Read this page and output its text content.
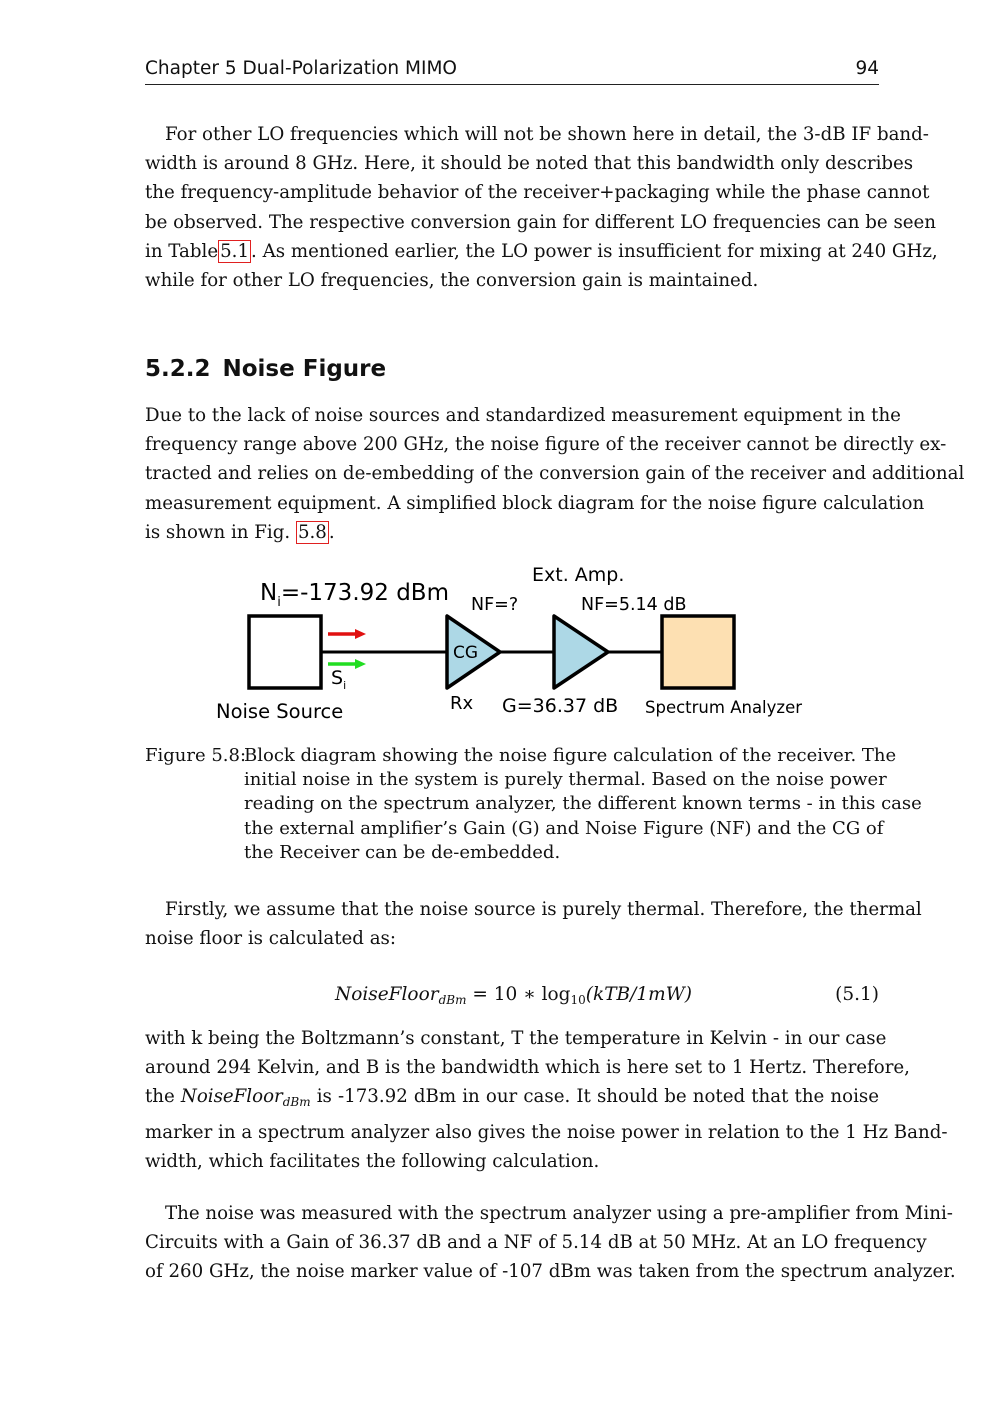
Chapter 5 Dual-Polarization MIMO	94

For other LO frequencies which will not be shown here in detail, the 3-dB IF band-
width is around 8 GHz. Here, it should be noted that this bandwidth only describes
the frequency-amplitude behavior of the receiver+packaging while the phase cannot
be observed. The respective conversion gain for different LO frequencies can be seen
in Table 5.1 . As mentioned earlier, the LO power is insufficient for mixing at 240 GHz,
while for other LO frequencies, the conversion gain is maintained.

5.2.2 Noise Figure

Due to the lack of noise sources and standardized measurement equipment in the
frequency range above 200 GHz, the noise figure of the receiver cannot be directly ex-
tracted and relies on de-embedding of the conversion gain of the receiver and additional
measurement equipment. A simplified block diagram for the noise figure calculation
is shown in Fig. 5.8 .

$N_i=-173.92$ dBm
$S_i$
Noise Source
NF=?
CG
Rx
Ext. Amp.
NF=5.14 dB
G=36.37 dB Spectrum Analyzer
Figure 5.8:
Block diagram showing the noise figure calculation of the receiver. The
initial noise in the system is purely thermal. Based on the noise power
reading on the spectrum analyzer, the different known terms - in this case
the external amplifier’s Gain (G) and Noise Figure (NF) and the CG of
the Receiver can be de-embedded.

Firstly, we assume that the noise source is purely thermal. Therefore, the thermal
noise floor is calculated as:

NoiseFloor$_{dBm}$ = 10 ∗ $\log_{10}(kTB/1mW)$	(5.1)

with k being the Boltzmann’s constant, T the temperature in Kelvin - in our case
around 294 Kelvin, and B is the bandwidth which is here set to 1 Hertz. Therefore,
the NoiseFloor$_{dBm}$ is -173.92 dBm in our case. It should be noted that the noise
marker in a spectrum analyzer also gives the noise power in relation to the 1 Hz Band-
width, which facilitates the following calculation.

The noise was measured with the spectrum analyzer using a pre-amplifier from Mini-
Circuits with a Gain of 36.37 dB and a NF of 5.14 dB at 50 MHz. At an LO frequency
of 260 GHz, the noise marker value of -107 dBm was taken from the spectrum analyzer.
